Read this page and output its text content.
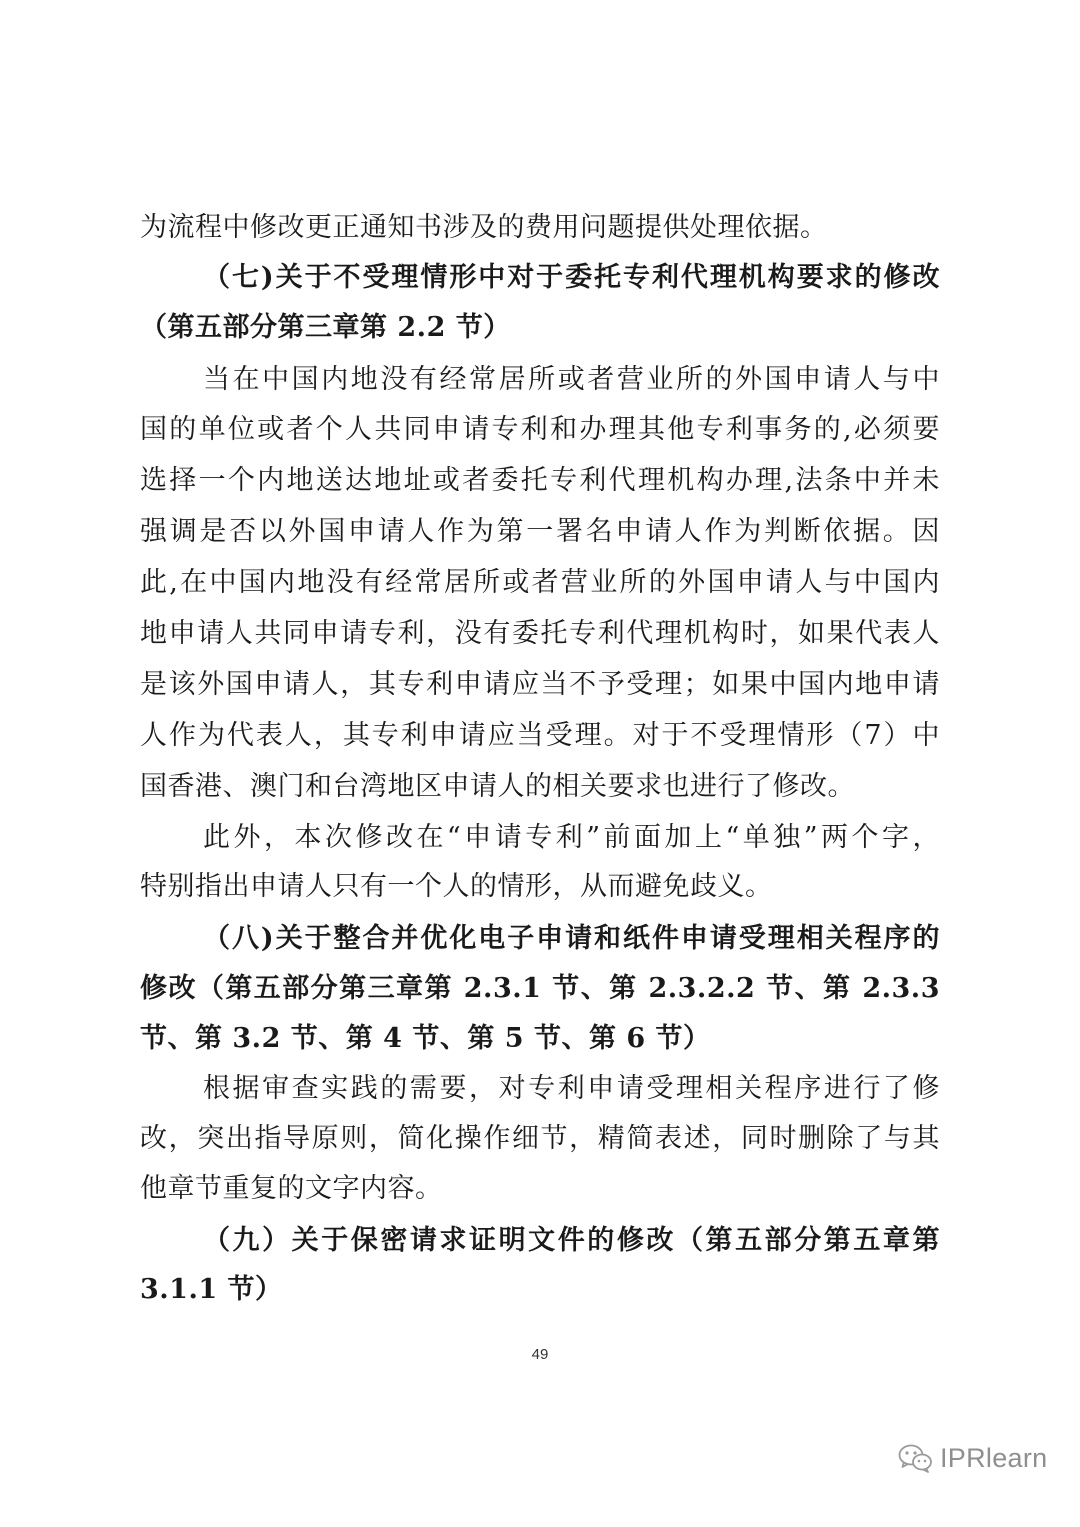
为流程中修改更正通知书涉及的费用问题提供处理依据。
（七)关于不受理情形中对于委托专利代理机构要求的修改
（第五部分第三章第 2.2 节）
当在中国内地没有经常居所或者营业所的外国申请人与中
国的单位或者个人共同申请专利和办理其他专利事务的,必须要
选择一个内地送达地址或者委托专利代理机构办理,法条中并未
强调是否以外国申请人作为第一署名申请人作为判断依据。因
此,在中国内地没有经常居所或者营业所的外国申请人与中国内
地申请人共同申请专利，没有委托专利代理机构时，如果代表人
是该外国申请人，其专利申请应当不予受理；如果中国内地申请
人作为代表人，其专利申请应当受理。对于不受理情形（7）中
国香港、澳门和台湾地区申请人的相关要求也进行了修改。
此外，本次修改在“申请专利”前面加上“单独”两个字，
特别指出申请人只有一个人的情形，从而避免歧义。
（八)关于整合并优化电子申请和纸件申请受理相关程序的
修改（第五部分第三章第 2.3.1 节、第 2.3.2.2 节、第 2.3.3
节、第 3.2 节、第 4 节、第 5 节、第 6 节）
根据审查实践的需要，对专利申请受理相关程序进行了修
改，突出指导原则，简化操作细节，精简表述，同时删除了与其
他章节重复的文字内容。
（九）关于保密请求证明文件的修改（第五部分第五章第
3.1.1 节）
49
IPRlearn
